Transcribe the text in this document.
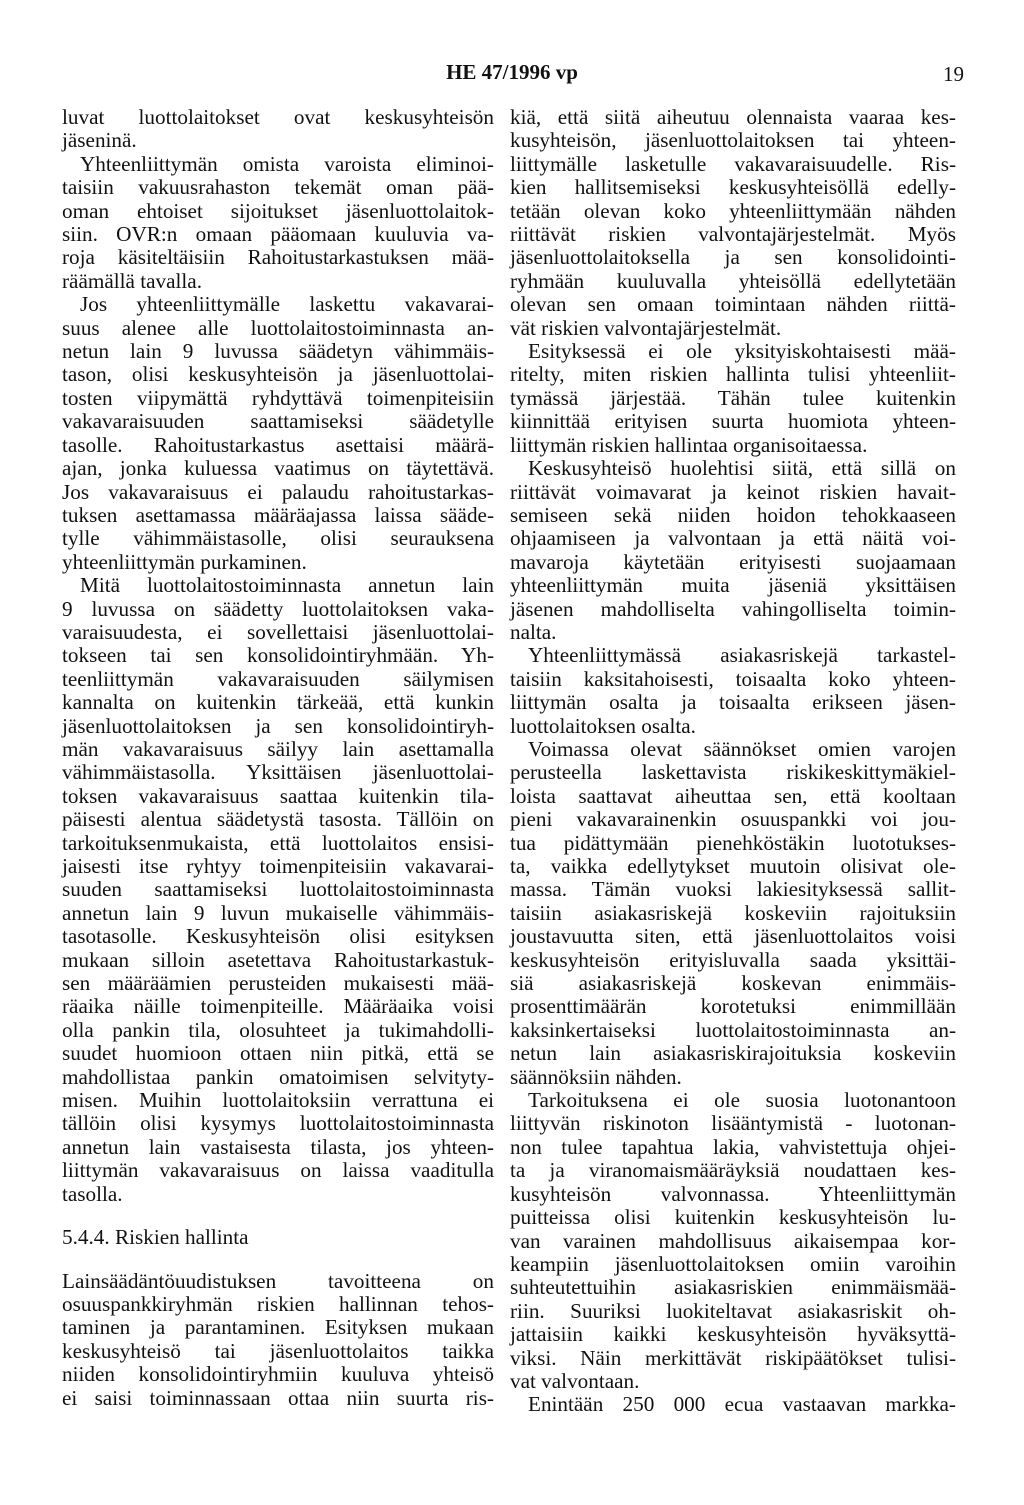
HE 47/1996 vp	19
luvat luottolaitokset ovat keskusyhteisön
jäseninä.
Yhteenliittymän omista varoista eliminoi-
taisiin vakuusrahaston tekemät oman pää-
oman ehtoiset sijoitukset jäsenluottolaitok-
siin. OVR:n omaan pääomaan kuuluvia va-
roja käsiteltäisiin Rahoitustarkastuksen mää-
räämällä tavalla.
Jos yhteenliittymälle laskettu vakavarai-
suus alenee alle luottolaitostoiminnasta an-
netun lain 9 luvussa säädetyn vähimmäis-
tason, olisi keskusyhteisön ja jäsenluottolai-
tosten viipymättä ryhdyttävä toimenpiteisiin
vakavaraisuuden saattamiseksi säädetylle
tasolle. Rahoitustarkastus asettaisi määrä-
ajan, jonka kuluessa vaatimus on täytettävä.
Jos vakavaraisuus ei palaudu rahoitustarkas-
tuksen asettamassa määräajassa laissa sääde-
tylle vähimmäistasolle, olisi seurauksena
yhteenliittymän purkaminen.
Mitä luottolaitostoiminnasta annetun lain
9 luvussa on säädetty luottolaitoksen vaka-
varaisuudesta, ei sovellettaisi jäsenluottolai-
tokseen tai sen konsolidointiryhmään. Yh-
teenliittymän vakavaraisuuden säilymisen
kannalta on kuitenkin tärkeää, että kunkin
jäsenluottolaitoksen ja sen konsolidointiryh-
män vakavaraisuus säilyy lain asettamalla
vähimmäistasolla. Yksittäisen jäsenluottolai-
toksen vakavaraisuus saattaa kuitenkin tila-
päisesti alentua säädetystä tasosta. Tällöin on
tarkoituksenmukaista, että luottolaitos ensisi-
jaisesti itse ryhtyy toimenpiteisiin vakavarai-
suuden saattamiseksi luottolaitostoiminnasta
annetun lain 9 luvun mukaiselle vähimmäis-
tasotasolle. Keskusyhteisön olisi esityksen
mukaan silloin asetettava Rahoitustarkastuk-
sen määräämien perusteiden mukaisesti mää-
räaika näille toimenpiteille. Määräaika voisi
olla pankin tila, olosuhteet ja tukimahdolli-
suudet huomioon ottaen niin pitkä, että se
mahdollistaa pankin omatoimisen selvityty-
misen. Muihin luottolaitoksiin verrattuna ei
tällöin olisi kysymys luottolaitostoiminnasta
annetun lain vastaisesta tilasta, jos yhteen-
liittymän vakavaraisuus on laissa vaaditulla
tasolla.
5.4.4. Riskien hallinta
Lainsäädäntöuudistuksen tavoitteena on
osuuspankkiryhmän riskien hallinnan tehos-
taminen ja parantaminen. Esityksen mukaan
keskusyhteisö tai jäsenluottolaitos taikka
niiden konsolidointiryhmiin kuuluva yhteisö
ei saisi toiminnassaan ottaa niin suurta ris-
kiä, että siitä aiheutuu olennaista vaaraa kes-
kusyhteisön, jäsenluottolaitoksen tai yhteen-
liittymälle lasketulle vakavaraisuudelle. Ris-
kien hallitsemiseksi keskusyhteisöllä edelly-
tetään olevan koko yhteenliittymään nähden
riittävät riskien valvontajärjestelmät. Myös
jäsenluottolaitoksella ja sen konsolidointi-
ryhmään kuuluvalla yhteisöllä edellytetään
olevan sen omaan toimintaan nähden riittä-
vät riskien valvontajärjestelmät.
Esityksessä ei ole yksityiskohtaisesti mää-
ritelty, miten riskien hallinta tulisi yhteenliit-
tymässä järjestää. Tähän tulee kuitenkin
kiinnittää erityisen suurta huomiota yhteen-
liittymän riskien hallintaa organisoitaessa.
Keskusyhteisö huolehtisi siitä, että sillä on
riittävät voimavarat ja keinot riskien havait-
semiseen sekä niiden hoidon tehokkaaseen
ohjaamiseen ja valvontaan ja että näitä voi-
mavaroja käytetään erityisesti suojaamaan
yhteenliittymän muita jäseniä yksittäisen
jäsenen mahdolliselta vahingolliselta toimin-
nalta.
Yhteenliittymässä asiakasriskejä tarkastel-
taisiin kaksitahoisesti, toisaalta koko yhteen-
liittymän osalta ja toisaalta erikseen jäsen-
luottolaitoksen osalta.
Voimassa olevat säännökset omien varojen
perusteella laskettavista riskikeskittymäkiel-
loista saattavat aiheuttaa sen, että kooltaan
pieni vakavarainenkin osuuspankki voi jou-
tua pidättymään pienehköstäkin luototukses-
ta, vaikka edellytykset muutoin olisivat ole-
massa. Tämän vuoksi lakiesityksessä sallit-
taisiin asiakasriskejä koskeviin rajoituksiin
joustavuutta siten, että jäsenluottolaitos voisi
keskusyhteisön erityisluvalla saada yksittäi-
siä asiakasriskejä koskevan enimmäis-
prosenttimäärän korotetuksi enimmillään
kaksinkertaiseksi luottolaitostoiminnasta an-
netun lain asiakasriskirajoituksia koskeviin
säännöksiin nähden.
Tarkoituksena ei ole suosia luotonantoon
liittyvän riskinoton lisääntymistä - luotonan-
non tulee tapahtua lakia, vahvistettuja ohjei-
ta ja viranomaismääräyksiä noudattaen kes-
kusyhteisön valvonnassa. Yhteenliittymän
puitteissa olisi kuitenkin keskusyhteisön lu-
van varainen mahdollisuus aikaisempaa kor-
keampiin jäsenluottolaitoksen omiin varoihin
suhteutettuihin asiakasriskien enimmäismää-
riin. Suuriksi luokiteltavat asiakasriskit oh-
jattaisiin kaikki keskusyhteisön hyväksyttä-
viksi. Näin merkittävät riskipäätökset tulisi-
vat valvontaan.
Enintään 250 000 ecua vastaavan markka-
